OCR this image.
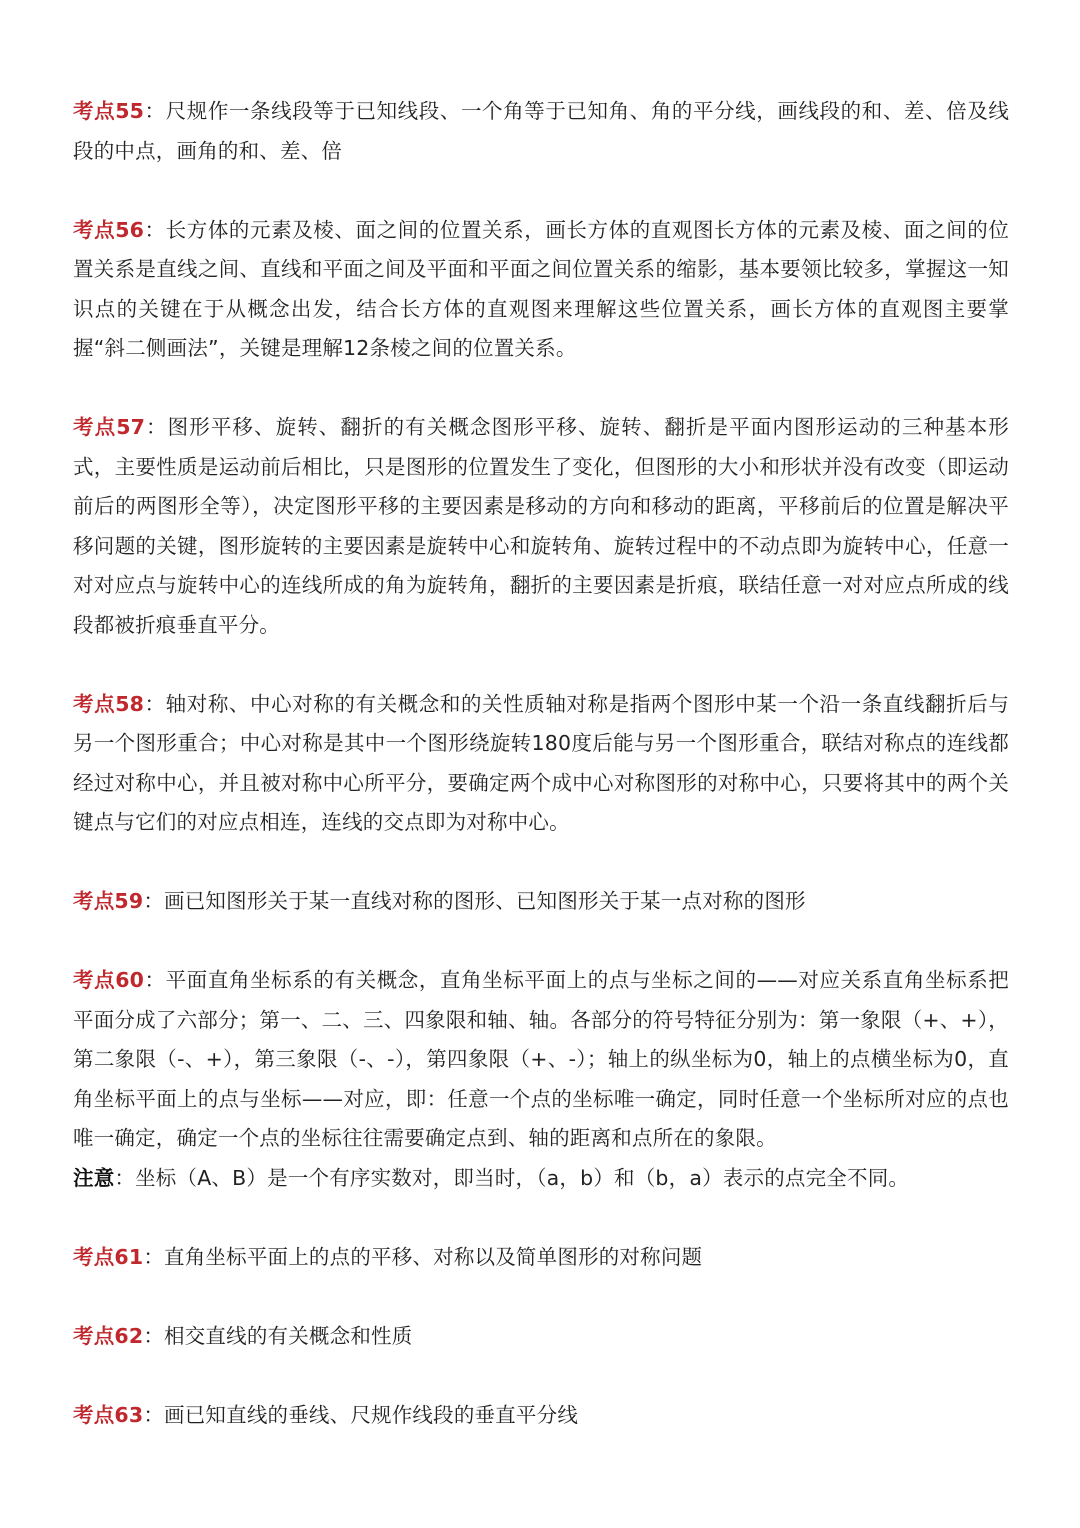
考点55：尺规作一条线段等于已知线段、一个角等于已知角、角的平分线，画线段的和、差、倍及线段的中点，画角的和、差、倍

考点56：长方体的元素及棱、面之间的位置关系，画长方体的直观图长方体的元素及棱、面之间的位置关系是直线之间、直线和平面之间及平面和平面之间位置关系的缩影，基本要领比较多，掌握这一知识点的关键在于从概念出发，结合长方体的直观图来理解这些位置关系，画长方体的直观图主要掌握“斜二侧画法”，关键是理解12条棱之间的位置关系。

考点57：图形平移、旋转、翻折的有关概念图形平移、旋转、翻折是平面内图形运动的三种基本形式，主要性质是运动前后相比，只是图形的位置发生了变化，但图形的大小和形状并没有改变（即运动前后的两图形全等），决定图形平移的主要因素是移动的方向和移动的距离，平移前后的位置是解决平移问题的关键，图形旋转的主要因素是旋转中心和旋转角、旋转过程中的不动点即为旋转中心，任意一对对应点与旋转中心的连线所成的角为旋转角，翻折的主要因素是折痕，联结任意一对对应点所成的线段都被折痕垂直平分。

考点58：轴对称、中心对称的有关概念和的关性质轴对称是指两个图形中某一个沿一条直线翻折后与另一个图形重合；中心对称是其中一个图形绕旋转180度后能与另一个图形重合，联结对称点的连线都经过对称中心，并且被对称中心所平分，要确定两个成中心对称图形的对称中心，只要将其中的两个关键点与它们的对应点相连，连线的交点即为对称中心。

考点59：画已知图形关于某一直线对称的图形、已知图形关于某一点对称的图形

考点60：平面直角坐标系的有关概念，直角坐标平面上的点与坐标之间的——对应关系直角坐标系把平面分成了六部分；第一、二、三、四象限和轴、轴。各部分的符号特征分别为：第一象限（+、+），第二象限（-、+），第三象限（-、-），第四象限（+、-）；轴上的纵坐标为0，轴上的点横坐标为0，直角坐标平面上的点与坐标——对应，即：任意一个点的坐标唯一确定，同时任意一个坐标所对应的点也唯一确定，确定一个点的坐标往往需要确定点到、轴的距离和点所在的象限。

注意：坐标（A、B）是一个有序实数对，即当时，（a，b）和（b，a）表示的点完全不同。

考点61：直角坐标平面上的点的平移、对称以及简单图形的对称问题

考点62：相交直线的有关概念和性质

考点63：画已知直线的垂线、尺规作线段的垂直平分线
